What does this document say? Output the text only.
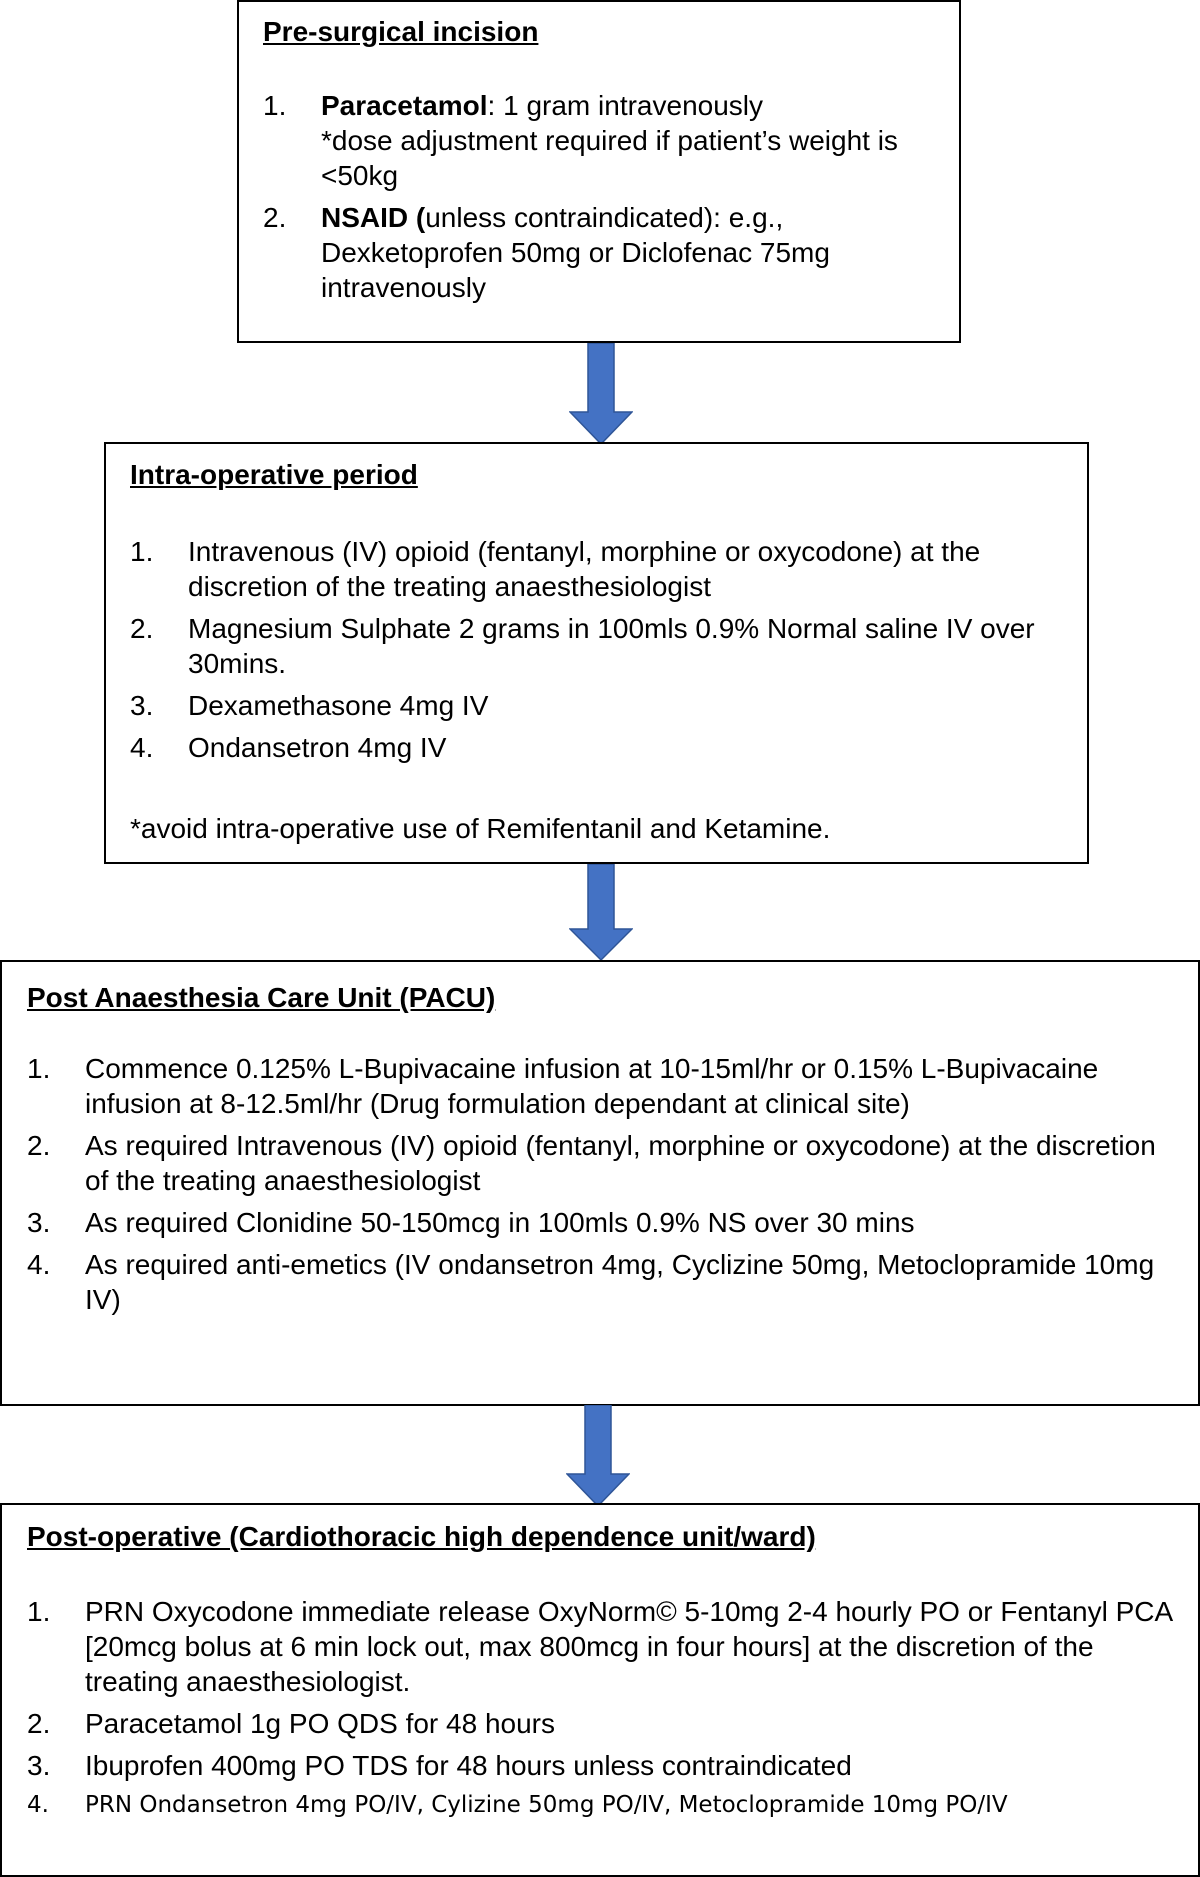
Pre-surgical incision
1. Paracetamol: 1 gram intravenously
*dose adjustment required if patient’s weight is <50kg
2. NSAID (unless contraindicated): e.g., Dexketoprofen 50mg or Diclofenac 75mg intravenously
Intra-operative period
1. Intravenous (IV) opioid (fentanyl, morphine or oxycodone) at the discretion of the treating anaesthesiologist
2. Magnesium Sulphate 2 grams in 100mls 0.9% Normal saline IV over 30mins.
3. Dexamethasone 4mg IV
4. Ondansetron 4mg IV
*avoid intra-operative use of Remifentanil and Ketamine.
Post Anaesthesia Care Unit (PACU)
1. Commence 0.125% L-Bupivacaine infusion at 10-15ml/hr or 0.15% L-Bupivacaine infusion at 8-12.5ml/hr (Drug formulation dependant at clinical site)
2. As required Intravenous (IV) opioid (fentanyl, morphine or oxycodone) at the discretion of the treating anaesthesiologist
3. As required Clonidine 50-150mcg in 100mls 0.9% NS over 30 mins
4. As required anti-emetics (IV ondansetron 4mg, Cyclizine 50mg, Metoclopramide 10mg IV)
Post-operative (Cardiothoracic high dependence unit/ward)
1. PRN Oxycodone immediate release OxyNorm© 5-10mg 2-4 hourly PO or Fentanyl PCA [20mcg bolus at 6 min lock out, max 800mcg in four hours] at the discretion of the treating anaesthesiologist.
2. Paracetamol 1g PO QDS for 48 hours
3. Ibuprofen 400mg PO TDS for 48 hours unless contraindicated
4. PRN Ondansetron 4mg PO/IV, Cylizine 50mg PO/IV, Metoclopramide 10mg PO/IV
